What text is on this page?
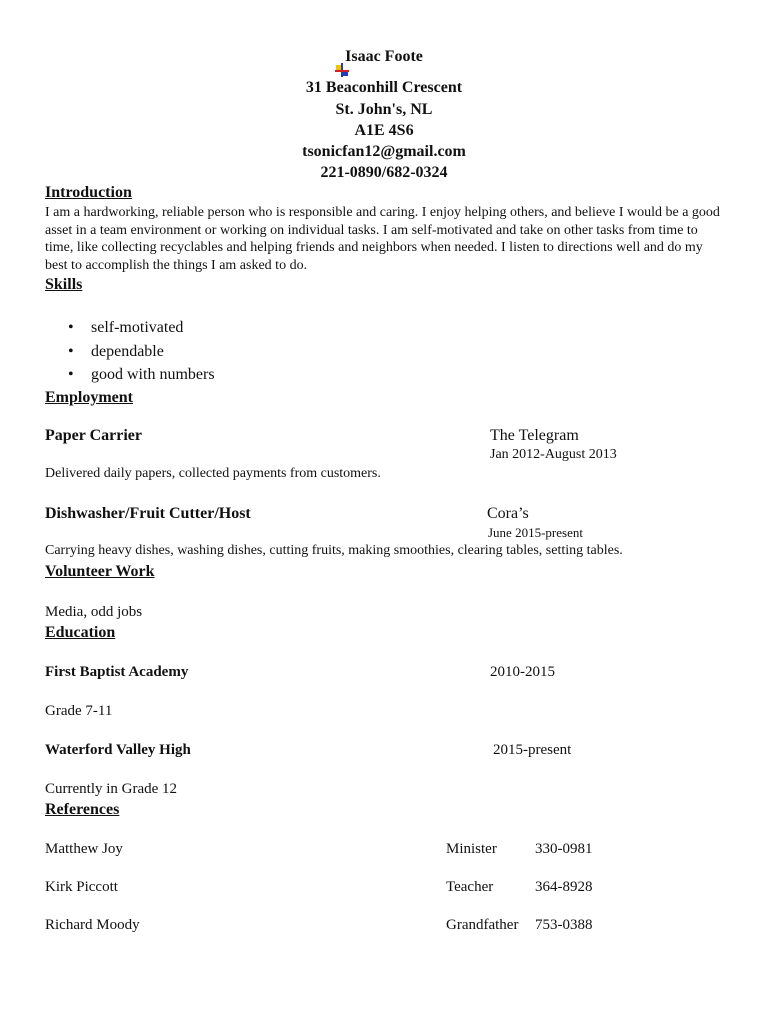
Isaac Foote
31 Beaconhill Crescent
St. John's, NL
A1E 4S6
tsonicfan12@gmail.com
221-0890/682-0324
Introduction
I am a hardworking, reliable person who is responsible and caring. I enjoy helping others, and believe I would be a good asset in a team environment or working on individual tasks. I am self-motivated and take on other tasks from time to time, like collecting recyclables and helping friends and neighbors when needed. I listen to directions well and do my best to accomplish the things I am asked to do.
Skills
• self-motivated
• dependable
• good with numbers
Employment
Paper Carrier	The Telegram
Jan 2012-August 2013
Delivered daily papers, collected payments from customers.
Dishwasher/Fruit Cutter/Host	Cora’s
June 2015-present
Carrying heavy dishes, washing dishes, cutting fruits, making smoothies, clearing tables, setting tables.
Volunteer Work
Media, odd jobs
Education
First Baptist Academy	2010-2015
Grade 7-11
Waterford Valley High	2015-present
Currently in Grade 12
References
Matthew Joy	Minister	330-0981
Kirk Piccott	Teacher	364-8928
Richard Moody	Grandfather 753-0388
